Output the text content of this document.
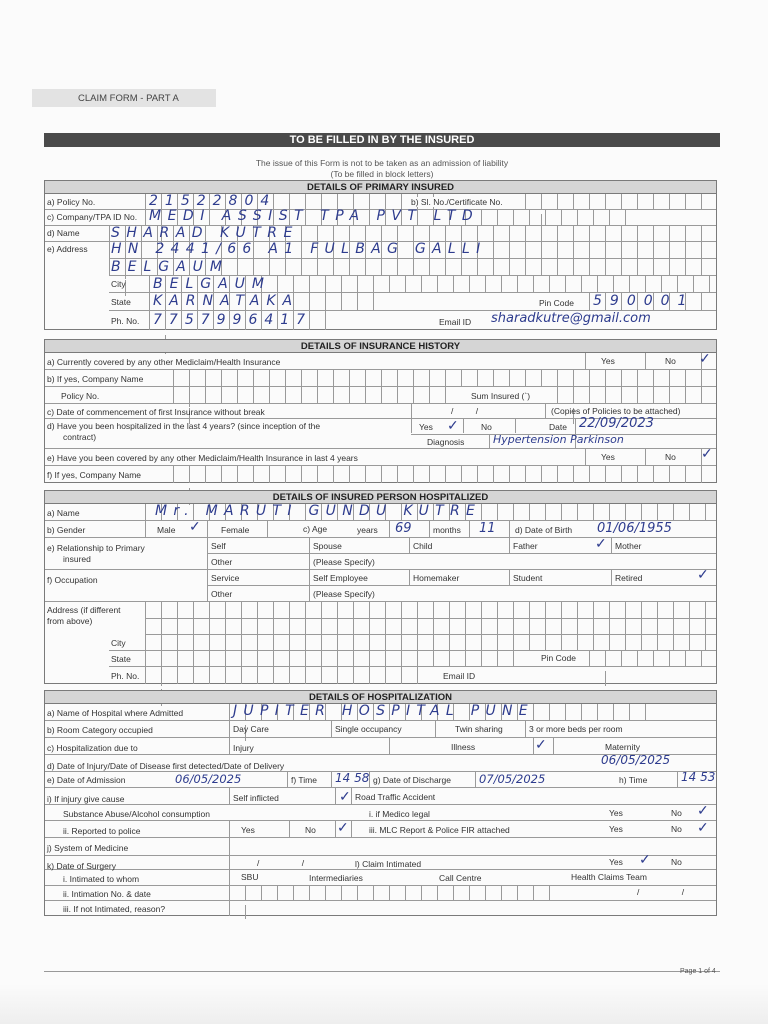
CLAIM FORM - PART A
TO BE FILLED IN BY THE INSURED
The issue of this Form is not to be taken as an admission of liability
(To be filled in block letters)
DETAILS OF PRIMARY INSURED
a) Policy No.	21522804	b) Sl. No./Certificate No.
c) Company/TPA ID No. MEDI ASSIST TPA PVT LTD
d) Name SHARAD KUTRE
e) Address HN 2441/66 A1 FULBAG GALLI
BELGAUM
City BELGAUM
State KARNATAKA	Pin Code 590001
Ph. No. 7757996417	Email ID sharadkutre@gmail.com
DETAILS OF INSURANCE HISTORY
a) Currently covered by any other Mediclaim/Health Insurance	Yes	No ✓
b) If yes, Company Name
Policy No.	Sum Insured (`)
c) Date of commencement of first Insurance without break	/ /	(Copies of Policies to be attached)
d) Have you been hospitalized in the last 4 years? (since inception of the
contract)
Yes ✓	No	Date 22/09/2023
Diagnosis	Hypertension Parkinson
e) Have you been covered by any other Mediclaim/Health Insurance in last 4 years	Yes	No ✓
f) If yes, Company Name
DETAILS OF INSURED PERSON HOSPITALIZED
a) Name	Mr. MARUTI GUNDU KUTRE
b) Gender	Male ✓ Female	c) Age	years 69	months 11 d) Date of Birth 01/06/1955
e) Relationship to Primary
insured
Self	Spouse	Child	Father	✓ Mother
Other	(Please Specify)
f) Occupation	Service	Self Employee	Homemaker	Student	Retired	✓
Other	(Please Specify)
Address (if different
from above)
City
State	Pin Code
Ph. No.	Email ID
DETAILS OF HOSPITALIZATION
a) Name of Hospital where Admitted	JUPITER HOSPITAL PUNE
b) Room Category occupied	Day Care	Single occupancy	Twin sharing	3 or more beds per room
c) Hospitalization due to	Injury	Illness	✓	Maternity
d) Date of Injury/Date of Disease first detected/Date of Delivery	06/05/2025
e) Date of Admission	06/05/2025	f) Time 14 58 g) Date of Discharge 07/05/2025	h) Time	14 53
i) If injury give cause	Self inflicted	✓ Road Traffic Accident
Substance Abuse/Alcohol consumption	i. if Medico legal	Yes	No ✓
ii. Reported to police	Yes	No ✓ iii. MLC Report & Police FIR attached	Yes	No ✓
j) System of Medicine
k) Date of Surgery	/ /	l) Claim Intimated	Yes ✓ No
i. Intimated to whom	SBU	Intermediaries	Call Centre	Health Claims Team
ii. Intimation No. & date	/ /
iii. If not Intimated, reason?
Page 1 of 4
